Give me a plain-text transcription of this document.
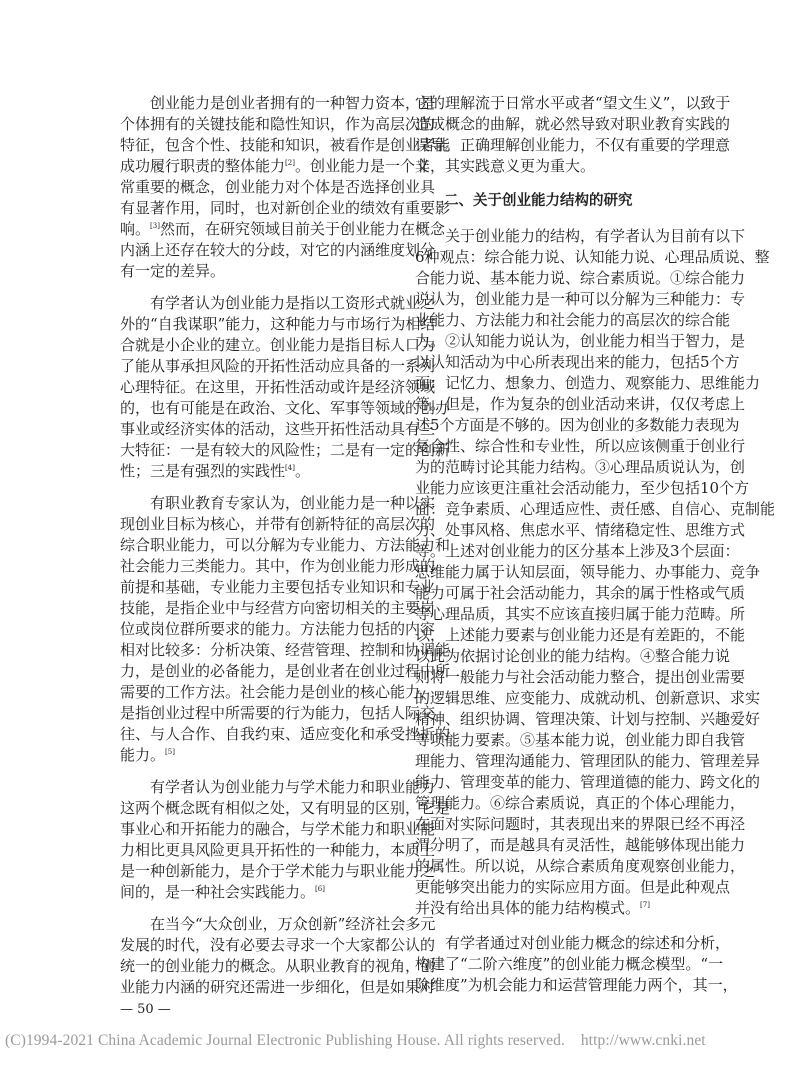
创业能力是创业者拥有的一种智力资本，是
个体拥有的关键技能和隐性知识，作为高层次的
特征，包含个性、技能和知识，被看作是创业者能
成功履行职责的整体能力[2]。创业能力是一个非
常重要的概念，创业能力对个体是否选择创业具
有显著作用，同时，也对新创企业的绩效有重要影
响。[3]然而，在研究领域目前关于创业能力在概念
内涵上还存在较大的分歧，对它的内涵维度划分
有一定的差异。
有学者认为创业能力是指以工资形式就业之
外的“自我谋职”能力，这种能力与市场行为相结
合就是小企业的建立。创业能力是指目标人口为
了能从事承担风险的开拓性活动应具备的一系列
心理特征。在这里，开拓性活动或许是经济领域
的，也有可能是在政治、文化、军事等领域的创办
事业或经济实体的活动，这些开拓性活动具有三
大特征：一是有较大的风险性；二是有一定的创新
性；三是有强烈的实践性[4]。
有职业教育专家认为，创业能力是一种以实
现创业目标为核心，并带有创新特征的高层次的
综合职业能力，可以分解为专业能力、方法能力和
社会能力三类能力。其中，作为创业能力形成的
前提和基础，专业能力主要包括专业知识和专业
技能，是指企业中与经营方向密切相关的主要岗
位或岗位群所要求的能力。方法能力包括的内容
相对比较多：分析决策、经营管理、控制和协调能
力，是创业的必备能力，是创业者在创业过程中所
需要的工作方法。社会能力是创业的核心能力，
是指创业过程中所需要的行为能力，包括人际交
往、与人合作、自我约束、适应变化和承受挫折的
能力。[5]
有学者认为创业能力与学术能力和职业能力
这两个概念既有相似之处，又有明显的区别，它是
事业心和开拓能力的融合，与学术能力和职业能
力相比更具风险更具开拓性的一种能力，本质上
是一种创新能力，是介于学术能力与职业能力之
间的，是一种社会实践能力。[6]
在当今“大众创业，万众创新”经济社会多元
发展的时代，没有必要去寻求一个大家都公认的
统一的创业能力的概念。从职业教育的视角，创
业能力内涵的研究还需进一步细化，但是如果对
它的理解流于日常水平或者“望文生义”，以致于
造成概念的曲解，就必然导致对职业教育实践的
误导。正确理解创业能力，不仅有重要的学理意
义，其实践意义更为重大。
二、关于创业能力结构的研究
关于创业能力的结构，有学者认为目前有以下
6种观点：综合能力说、认知能力说、心理品质说、整
合能力说、基本能力说、综合素质说。①综合能力
说认为，创业能力是一种可以分解为三种能力：专
业能力、方法能力和社会能力的高层次的综合能
力。②认知能力说认为，创业能力相当于智力，是
以认知活动为中心所表现出来的能力，包括5个方
面：记忆力、想象力、创造力、观察能力、思维能力
等。但是，作为复杂的创业活动来讲，仅仅考虑上
述5个方面是不够的。因为创业的多数能力表现为
复合性、综合性和专业性，所以应该侧重于创业行
为的范畴讨论其能力结构。③心理品质说认为，创
业能力应该更注重社会活动能力，至少包括10个方
面：竞争素质、心理适应性、责任感、自信心、克制能
力、处事风格、焦虑水平、情绪稳定性、思维方式
等。上述对创业能力的区分基本上涉及3个层面：
思维能力属于认知层面，领导能力、办事能力、竞争
能力可属于社会活动能力，其余的属于性格或气质
等心理品质，其实不应该直接归属于能力范畴。所
以，上述能力要素与创业能力还是有差距的，不能
以此为依据讨论创业的能力结构。④整合能力说
则将一般能力与社会活动能力整合，提出创业需要
的逻辑思维、应变能力、成就动机、创新意识、求实
精神、组织协调、管理决策、计划与控制、兴趣爱好
等项能力要素。⑤基本能力说，创业能力即自我管
理能力、管理沟通能力、管理团队的能力、管理差异
能力、管理变革的能力、管理道德的能力、跨文化的
管理能力。⑥综合素质说，真正的个体心理能力，
在面对实际问题时，其表现出来的界限已经不再泾
渭分明了，而是越具有灵活性，越能够体现出能力
的属性。所以说，从综合素质角度观察创业能力，
更能够突出能力的实际应用方面。但是此种观点
并没有给出具体的能力结构模式。[7]
有学者通过对创业能力概念的综述和分析，
构建了“二阶六维度”的创业能力概念模型。“一
阶维度”为机会能力和运营管理能力两个，其一，
— 50 —
(C)1994-2021 China Academic Journal Electronic Publishing House. All rights reserved.    http://www.cnki.net
